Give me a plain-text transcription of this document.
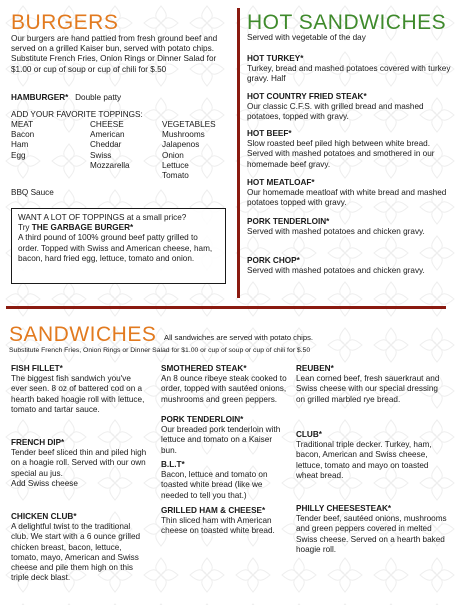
BURGERS
Our burgers are hand pattied from fresh ground beef and served on a grilled Kaiser bun, served with potato chips. Substitute French Fries, Onion Rings or Dinner Salad for $1.00 or cup of soup or cup of chili for $.50
HAMBURGER* Double patty
ADD YOUR FAVORITE TOPPINGS:
MEAT
Bacon
Ham
Egg
CHEESE
American
Cheddar
Swiss
Mozzarella
VEGETABLES
Mushrooms
Jalapenos
Onion
Lettuce
Tomato
BBQ Sauce
WANT A LOT OF TOPPINGS at a small price?
Try THE GARBAGE BURGER*
A third pound of 100% ground beef patty grilled to order. Topped with Swiss and American cheese, ham, bacon, hard fried egg, lettuce, tomato and onion.
HOT SANDWICHES
Served with vegetable of the day
HOT TURKEY*
Turkey, bread and mashed potatoes covered with turkey gravy. Half
HOT COUNTRY FRIED STEAK*
Our classic C.F.S. with grilled bread and mashed potatoes, topped with gravy.
HOT BEEF*
Slow roasted beef piled high between white bread. Served with mashed potatoes and smothered in our homemade beef gravy.
HOT MEATLOAF*
Our homemade meatloaf with white bread and mashed potatoes topped with gravy.
PORK TENDERLOIN*
Served with mashed potatoes and chicken gravy.
PORK CHOP*
Served with mashed potatoes and chicken gravy.
SANDWICHES All sandwiches are served with potato chips.
Substitute French Fries, Onion Rings or Dinner Salad for $1.00 or cup of soup or cup of chili for $.50
FISH FILLET*
The biggest fish sandwich you've ever seen. 8 oz of battered cod on a hearth baked hoagie roll with lettuce, tomato and tartar sauce.
FRENCH DIP*
Tender beef sliced thin and piled high on a hoagie roll. Served with our own special au jus.
Add Swiss cheese
CHICKEN CLUB*
A delightful twist to the traditional club. We start with a 6 ounce grilled chicken breast, bacon, lettuce, tomato, mayo, American and Swiss cheese and pile them high on this triple deck blast.
SMOTHERED STEAK*
An 8 ounce ribeye steak cooked to order, topped with sautéed onions, mushrooms and green peppers.
PORK TENDERLOIN*
Our breaded pork tenderloin with lettuce and tomato on a Kaiser bun.
B.L.T*
Bacon, lettuce and tomato on toasted white bread (like we needed to tell you that.)
GRILLED HAM & CHEESE*
Thin sliced ham with American cheese on toasted white bread.
REUBEN*
Lean corned beef, fresh sauerkraut and Swiss cheese with our special dressing on grilled marbled rye bread.
CLUB*
Traditional triple decker. Turkey, ham, bacon, American and Swiss cheese, lettuce, tomato and mayo on toasted wheat bread.
PHILLY CHEESESTEAK*
Tender beef, sautéed onions, mushrooms and green peppers covered in melted Swiss cheese. Served on a hearth baked hoagie roll.
